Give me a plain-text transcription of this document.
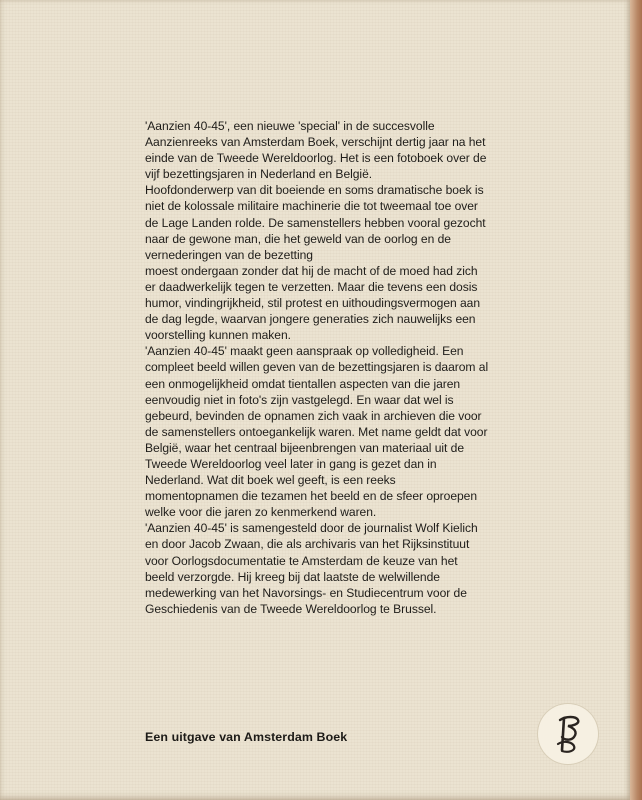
'Aanzien 40-45', een nieuwe 'special' in de succesvolle

Aanzienreeks van Amsterdam Boek, verschijnt dertig jaar na het

einde van de Tweede Wereldoorlog. Het is een fotoboek over de

vijf bezettingsjaren in Nederland en België.

Hoofdonderwerp van dit boeiende en soms dramatische boek is

niet de kolossale militaire machinerie die tot tweemaal toe over

de Lage Landen rolde. De samenstellers hebben vooral gezocht

naar de gewone man, die het geweld van de oorlog en de

vernederingen van de bezetting

moest ondergaan zonder dat hij de macht of de moed had zich

er daadwerkelijk tegen te verzetten. Maar die tevens een dosis

humor, vindingrijkheid, stil protest en uithoudingsvermogen aan

de dag legde, waarvan jongere generaties zich nauwelijks een

voorstelling kunnen maken.

'Aanzien 40-45' maakt geen aanspraak op volledigheid. Een

compleet beeld willen geven van de bezettingsjaren is daarom al

een onmogelijkheid omdat tientallen aspecten van die jaren

eenvoudig niet in foto's zijn vastgelegd. En waar dat wel is

gebeurd, bevinden de opnamen zich vaak in archieven die voor

de samenstellers ontoegankelijk waren. Met name geldt dat voor

België, waar het centraal bijeenbrengen van materiaal uit de

Tweede Wereldoorlog veel later in gang is gezet dan in

Nederland. Wat dit boek wel geeft, is een reeks

momentopnamen die tezamen het beeld en de sfeer oproepen

welke voor die jaren zo kenmerkend waren.

'Aanzien 40-45' is samengesteld door de journalist Wolf Kielich

en door Jacob Zwaan, die als archivaris van het Rijksinstituut

voor Oorlogsdocumentatie te Amsterdam de keuze van het

beeld verzorgde. Hij kreeg bij dat laatste de welwillende

medewerking van het Navorsings- en Studiecentrum voor de

Geschiedenis van de Tweede Wereldoorlog te Brussel.

Een uitgave van Amsterdam Boek
